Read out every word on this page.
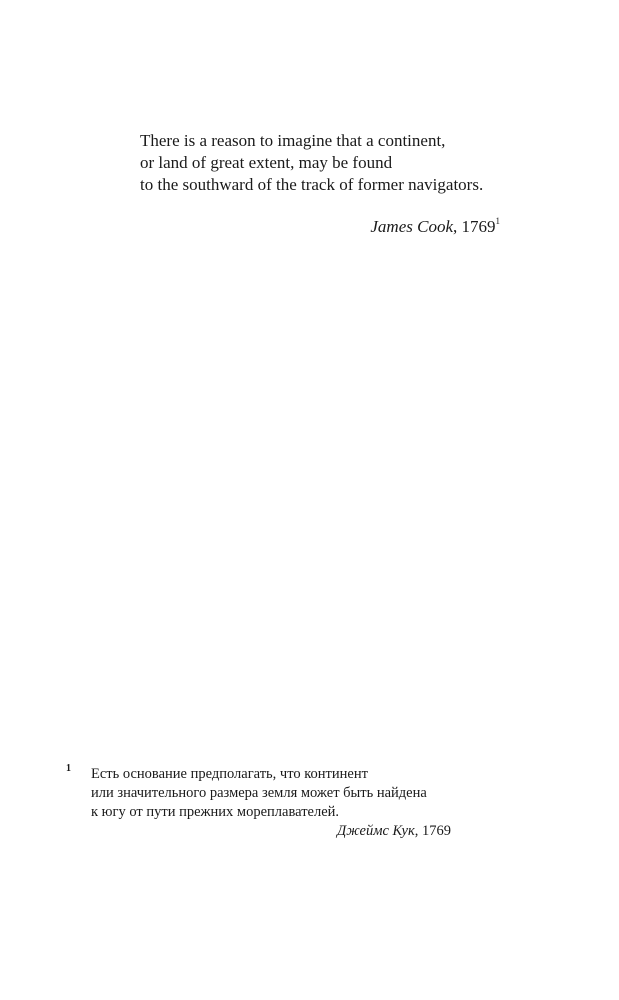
There is a reason to imagine that a continent,
or land of great extent, may be found
to the southward of the track of former navigators.
James Cook, 1769$^1$
1 Есть основание предполагать, что континент
или значительного размера земля может быть найдена
к югу от пути прежних мореплавателей.
Джеймс Кук, 1769
